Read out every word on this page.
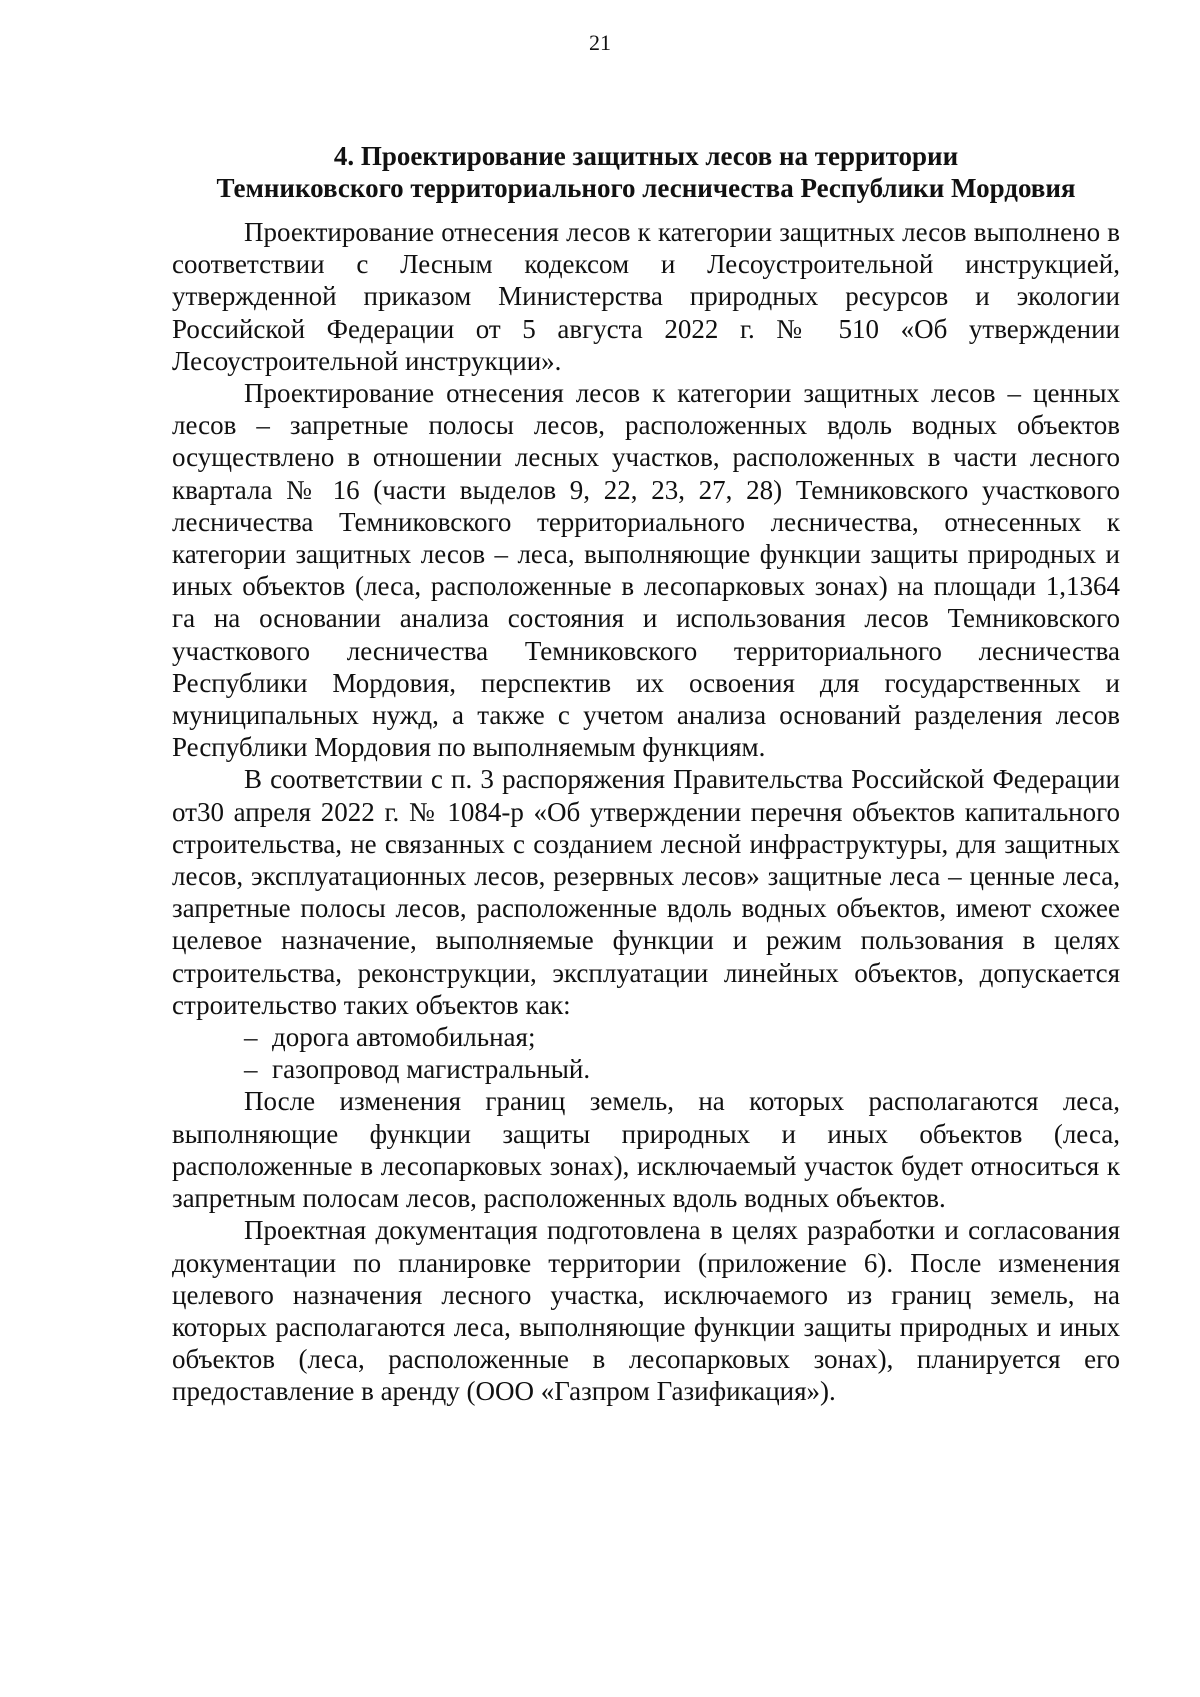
21
4. Проектирование защитных лесов на территории
Темниковского территориального лесничества Республики Мордовия

Проектирование отнесения лесов к категории защитных лесов выполнено в соответствии с Лесным кодексом и Лесоустроительной инструкцией, утвержденной приказом Министерства природных ресурсов и экологии Российской Федерации от 5 августа 2022 г. № 510 «Об утверждении Лесоустроительной инструкции».

Проектирование отнесения лесов к категории защитных лесов – ценных лесов – запретные полосы лесов, расположенных вдоль водных объектов осуществлено в отношении лесных участков, расположенных в части лесного квартала № 16 (части выделов 9, 22, 23, 27, 28) Темниковского участкового лесничества Темниковского территориального лесничества, отнесенных к категории защитных лесов – леса, выполняющие функции защиты природных и иных объектов (леса, расположенные в лесопарковых зонах) на площади 1,1364 га на основании анализа состояния и использования лесов Темниковского участкового лесничества Темниковского территориального лесничества Республики Мордовия, перспектив их освоения для государственных и муниципальных нужд, а также с учетом анализа оснований разделения лесов Республики Мордовия по выполняемым функциям.

В соответствии с п. 3 распоряжения Правительства Российской Федерации от30 апреля 2022 г. № 1084-р «Об утверждении перечня объектов капитального строительства, не связанных с созданием лесной инфраструктуры, для защитных лесов, эксплуатационных лесов, резервных лесов» защитные леса – ценные леса, запретные полосы лесов, расположенные вдоль водных объектов, имеют схожее целевое назначение, выполняемые функции и режим пользования в целях строительства, реконструкции, эксплуатации линейных объектов, допускается строительство таких объектов как:

– дорога автомобильная;
– газопровод магистральный.

После изменения границ земель, на которых располагаются леса, выполняющие функции защиты природных и иных объектов (леса, расположенные в лесопарковых зонах), исключаемый участок будет относиться к запретным полосам лесов, расположенных вдоль водных объектов.

Проектная документация подготовлена в целях разработки и согласования документации по планировке территории (приложение 6). После изменения целевого назначения лесного участка, исключаемого из границ земель, на которых располагаются леса, выполняющие функции защиты природных и иных объектов (леса, расположенные в лесопарковых зонах), планируется его предоставление в аренду (ООО «Газпром Газификация»).
